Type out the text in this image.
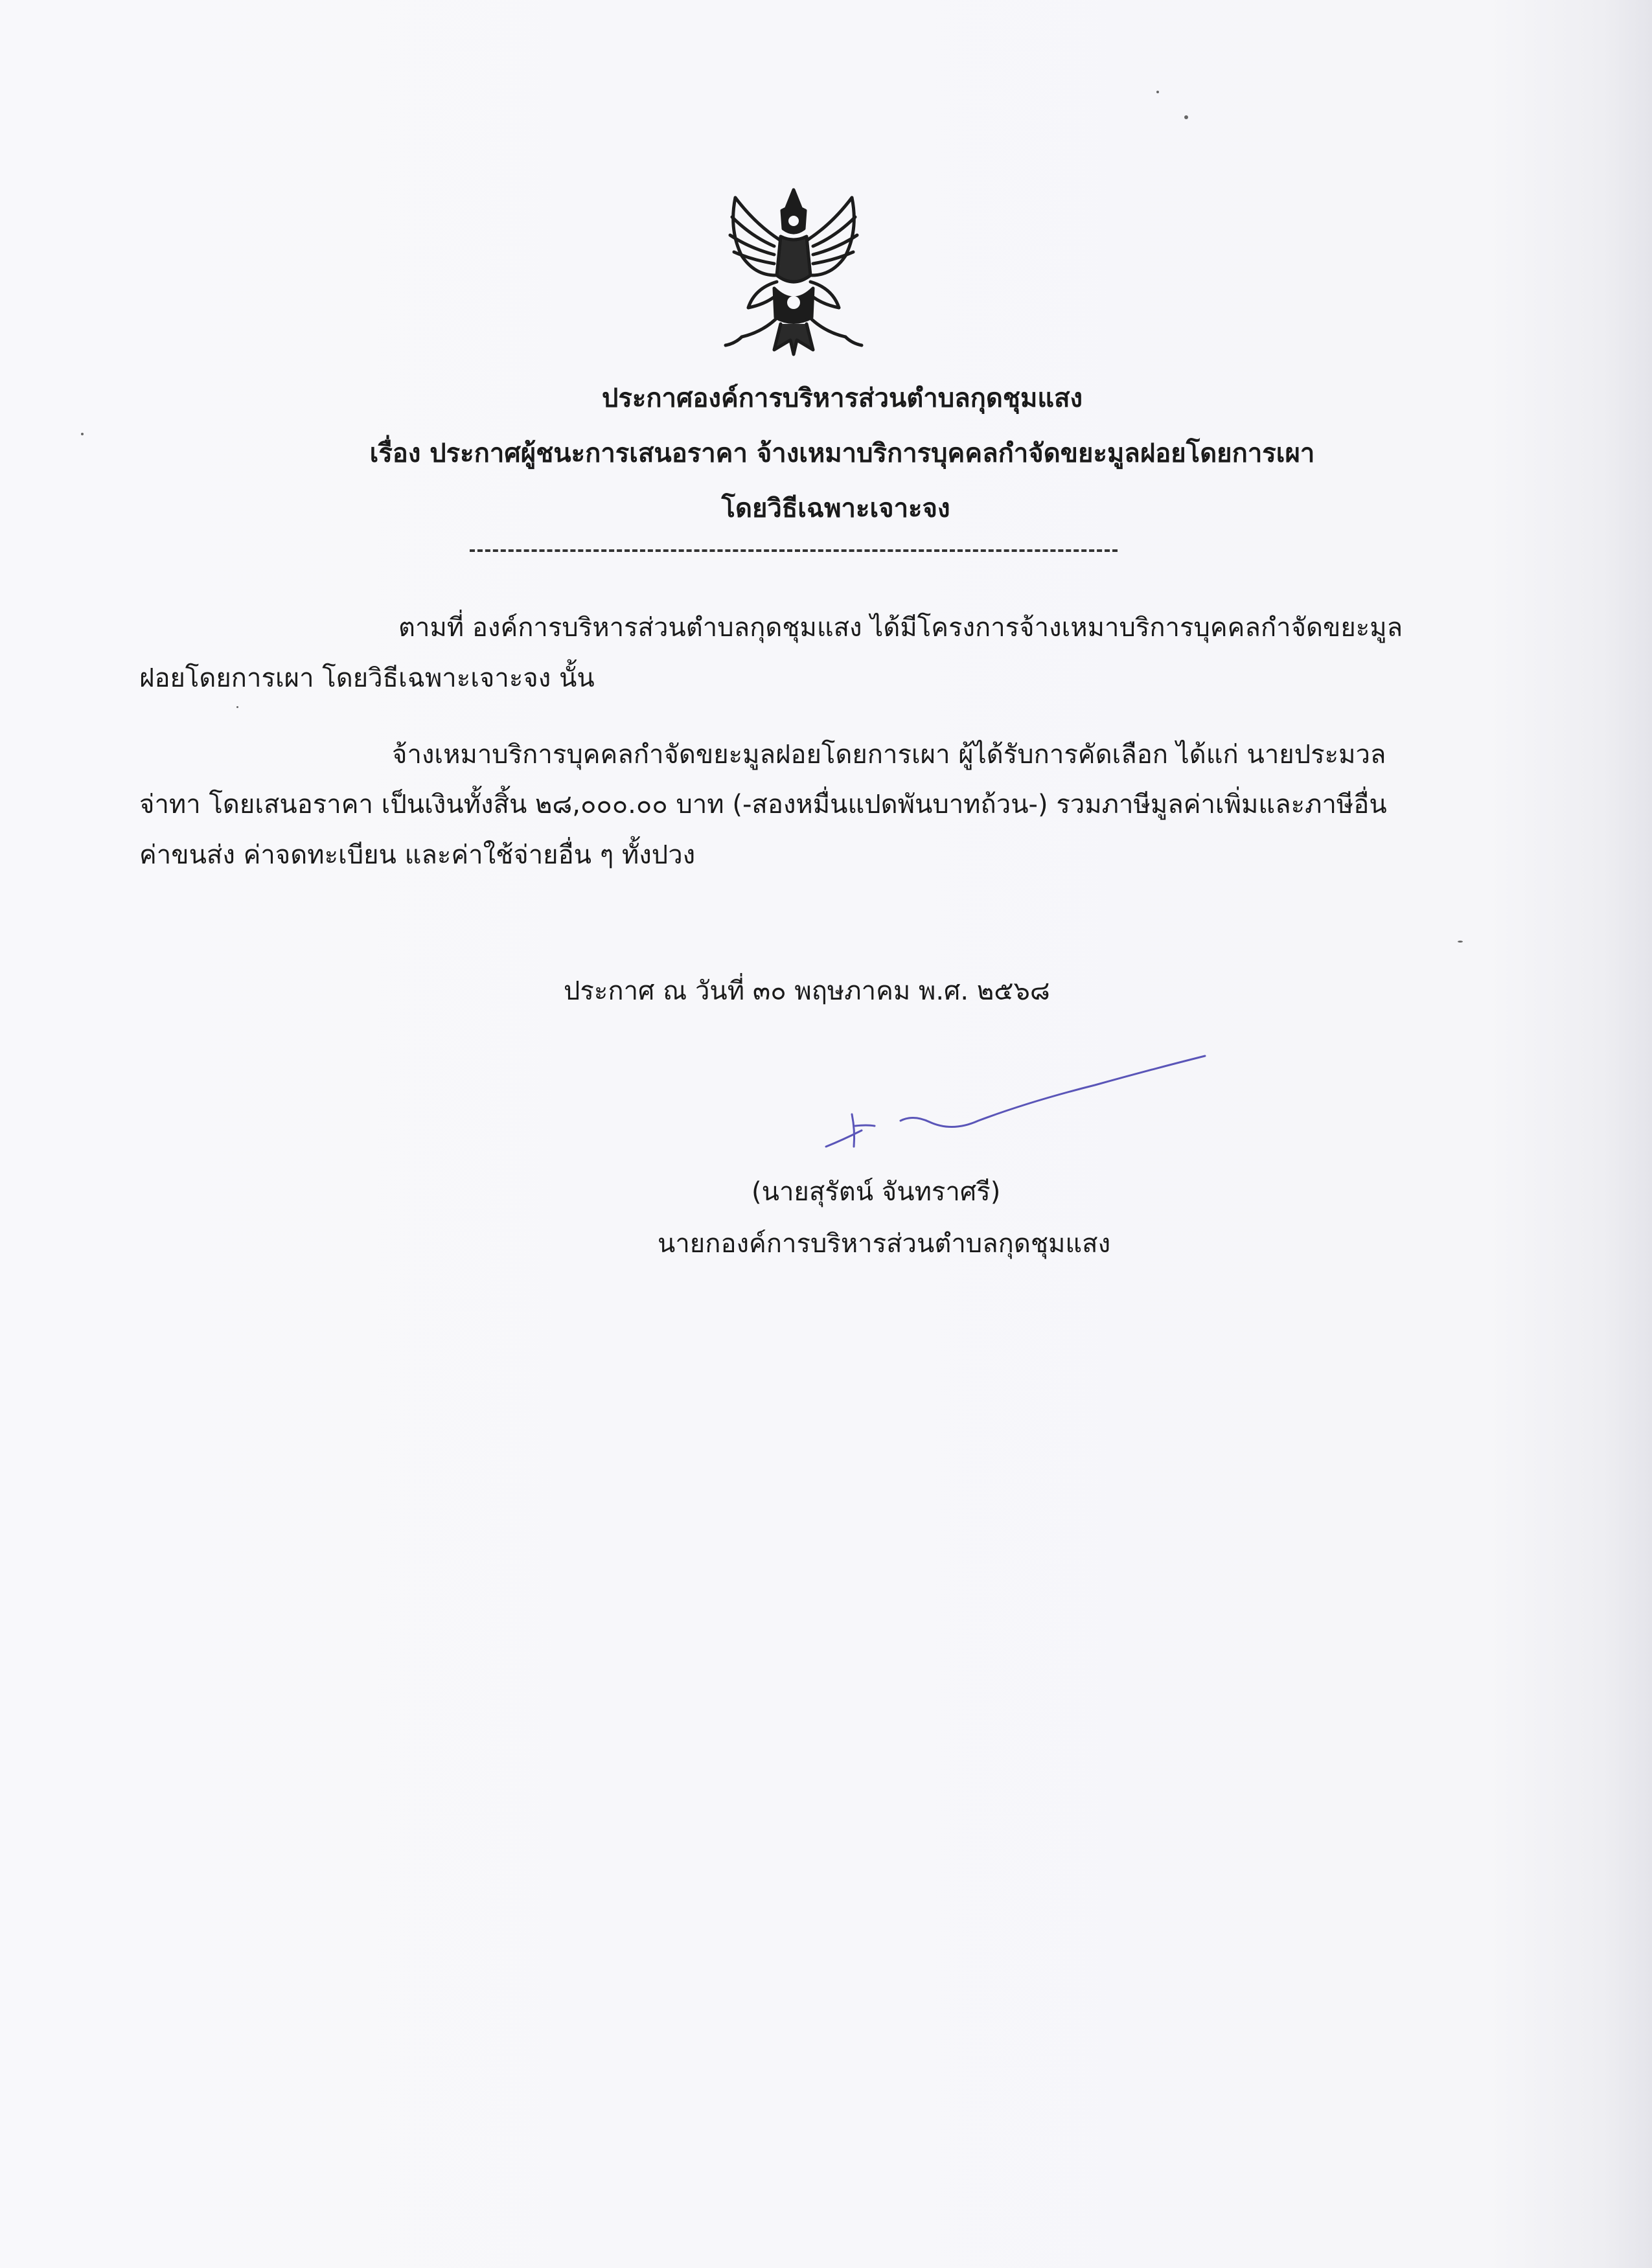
ประกาศองค์การบริหารส่วนตำบลกุดชุมแสง
เรื่อง ประกาศผู้ชนะการเสนอราคา จ้างเหมาบริการบุคคลกำจัดขยะมูลฝอยโดยการเผา
โดยวิธีเฉพาะเจาะจง
ตามที่ องค์การบริหารส่วนตำบลกุดชุมแสง ได้มีโครงการจ้างเหมาบริการบุคคลกำจัดขยะมูล
ฝอยโดยการเผา โดยวิธีเฉพาะเจาะจง นั้น
จ้างเหมาบริการบุคคลกำจัดขยะมูลฝอยโดยการเผา ผู้ได้รับการคัดเลือก ได้แก่ นายประมวล
จ่าทา โดยเสนอราคา เป็นเงินทั้งสิ้น ๒๘,๐๐๐.๐๐ บาท (-สองหมื่นแปดพันบาทถ้วน-) รวมภาษีมูลค่าเพิ่มและภาษีอื่น
ค่าขนส่ง ค่าจดทะเบียน และค่าใช้จ่ายอื่น ๆ ทั้งปวง
ประกาศ ณ วันที่ ๓๐ พฤษภาคม พ.ศ. ๒๕๖๘
(นายสุรัตน์ จันทราศรี)
นายกองค์การบริหารส่วนตำบลกุดชุมแสง
